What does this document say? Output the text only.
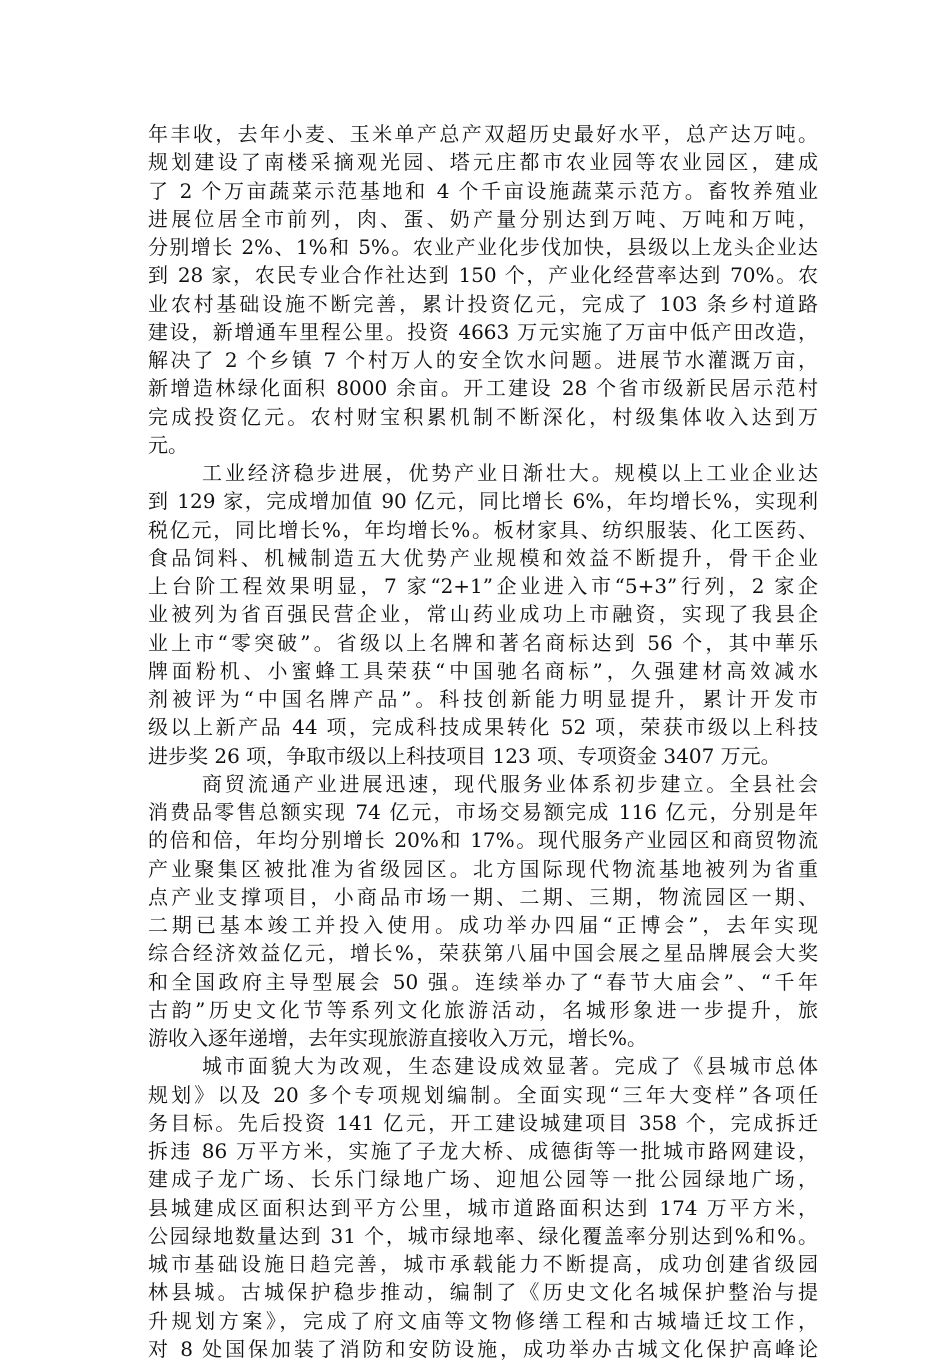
年丰收，去年小麦、玉米单产总产双超历史最好水平，总产达万吨。
规划建设了南楼采摘观光园、塔元庄都市农业园等农业园区，建成
了 2 个万亩蔬菜示范基地和 4 个千亩设施蔬菜示范方。畜牧养殖业
进展位居全市前列，肉、蛋、奶产量分别达到万吨、万吨和万吨，
分别增长 2%、1%和 5%。农业产业化步伐加快，县级以上龙头企业达
到 28 家，农民专业合作社达到 150 个，产业化经营率达到 70%。农
业农村基础设施不断完善，累计投资亿元，完成了 103 条乡村道路
建设，新增通车里程公里。投资 4663 万元实施了万亩中低产田改造，
解决了 2 个乡镇 7 个村万人的安全饮水问题。进展节水灌溉万亩，
新增造林绿化面积 8000 余亩。开工建设 28 个省市级新民居示范村
完成投资亿元。农村财宝积累机制不断深化，村级集体收入达到万
元。
工业经济稳步进展，优势产业日渐壮大。规模以上工业企业达
到 129 家，完成增加值 90 亿元，同比增长 6%，年均增长%，实现利
税亿元，同比增长%，年均增长%。板材家具、纺织服装、化工医药、
食品饲料、机械制造五大优势产业规模和效益不断提升，骨干企业
上台阶工程效果明显，7 家“2+1”企业进入市“5+3”行列，2 家企
业被列为省百强民营企业，常山药业成功上市融资，实现了我县企
业上市“零突破”。省级以上名牌和著名商标达到 56 个，其中華乐
牌面粉机、小蜜蜂工具荣获“中国驰名商标”，久强建材高效减水
剂被评为“中国名牌产品”。科技创新能力明显提升，累计开发市
级以上新产品 44 项，完成科技成果转化 52 项，荣获市级以上科技
进步奖 26 项，争取市级以上科技项目 123 项、专项资金 3407 万元。
商贸流通产业进展迅速，现代服务业体系初步建立。全县社会
消费品零售总额实现 74 亿元，市场交易额完成 116 亿元，分别是年
的倍和倍，年均分别增长 20%和 17%。现代服务产业园区和商贸物流
产业聚集区被批准为省级园区。北方国际现代物流基地被列为省重
点产业支撑项目，小商品市场一期、二期、三期，物流园区一期、
二期已基本竣工并投入使用。成功举办四届“正博会”，去年实现
综合经济效益亿元，增长%，荣获第八届中国会展之星品牌展会大奖
和全国政府主导型展会 50 强。连续举办了“春节大庙会”、“千年
古韵”历史文化节等系列文化旅游活动，名城形象进一步提升，旅
游收入逐年递增，去年实现旅游直接收入万元，增长%。
城市面貌大为改观，生态建设成效显著。完成了《县城市总体
规划》以及 20 多个专项规划编制。全面实现“三年大变样”各项任
务目标。先后投资 141 亿元，开工建设城建项目 358 个，完成拆迁
拆违 86 万平方米，实施了子龙大桥、成德街等一批城市路网建设，
建成子龙广场、长乐门绿地广场、迎旭公园等一批公园绿地广场，
县城建成区面积达到平方公里，城市道路面积达到 174 万平方米，
公园绿地数量达到 31 个，城市绿地率、绿化覆盖率分别达到%和%。
城市基础设施日趋完善，城市承载能力不断提高，成功创建省级园
林县城。古城保护稳步推动，编制了《历史文化名城保护整治与提
升规划方案》，完成了府文庙等文物修缮工程和古城墙迁坟工作，
对 8 处国保加装了消防和安防设施，成功举办古城文化保护高峰论
